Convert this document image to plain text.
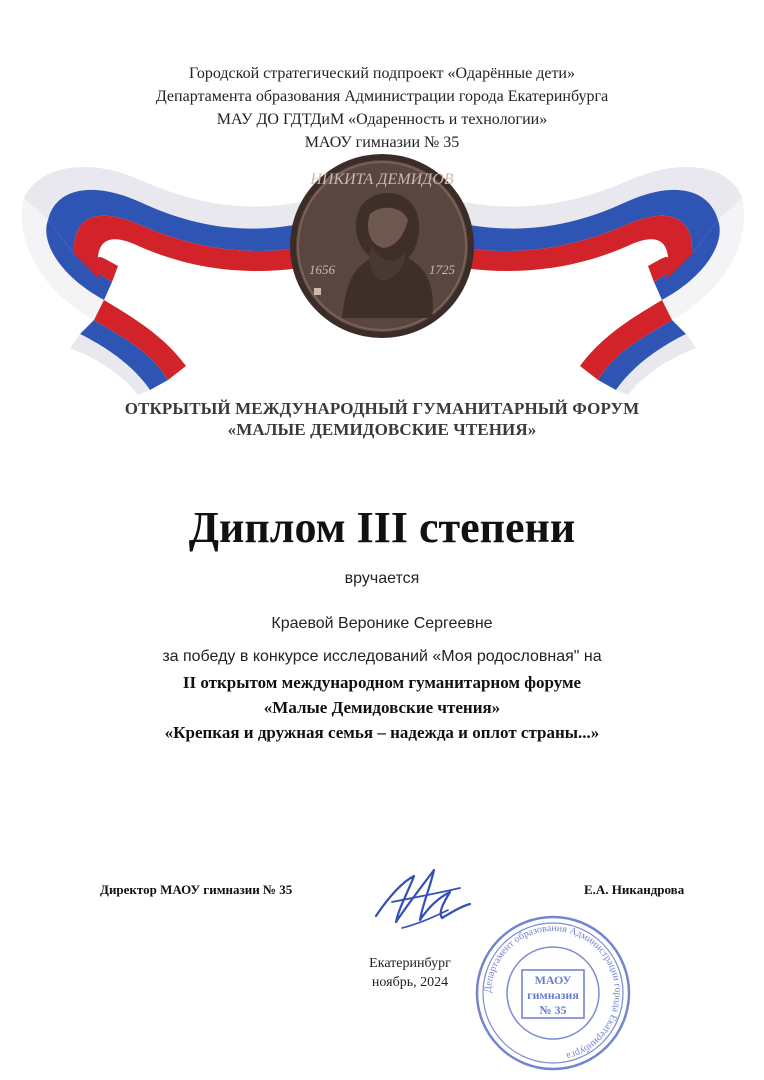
Городской стратегический подпроект «Одарённые дети»
Департамента образования Администрации города Екатеринбурга
МАУ ДО ГДТДиМ «Одаренность и технологии»
МАОУ гимназии № 35
НИКИТА ДЕМИДОВ
1656	1725
ОТКРЫТЫЙ МЕЖДУНАРОДНЫЙ ГУМАНИТАРНЫЙ ФОРУМ
«МАЛЫЕ ДЕМИДОВСКИЕ ЧТЕНИЯ»
Диплом III степени
вручается
Краевой Веронике Сергеевне
за победу в конкурсе исследований «Моя родословная" на
II открытом международном гуманитарном форуме
«Малые Демидовские чтения»
«Крепкая и дружная семья – надежда и оплот страны...»
Директор МАОУ гимназии № 35	Е.А. Никандрова
Екатеринбург
ноябрь, 2024	Департамент образования Администрации города Екатеринбурга
МАОУ
гимназия
№ 35
